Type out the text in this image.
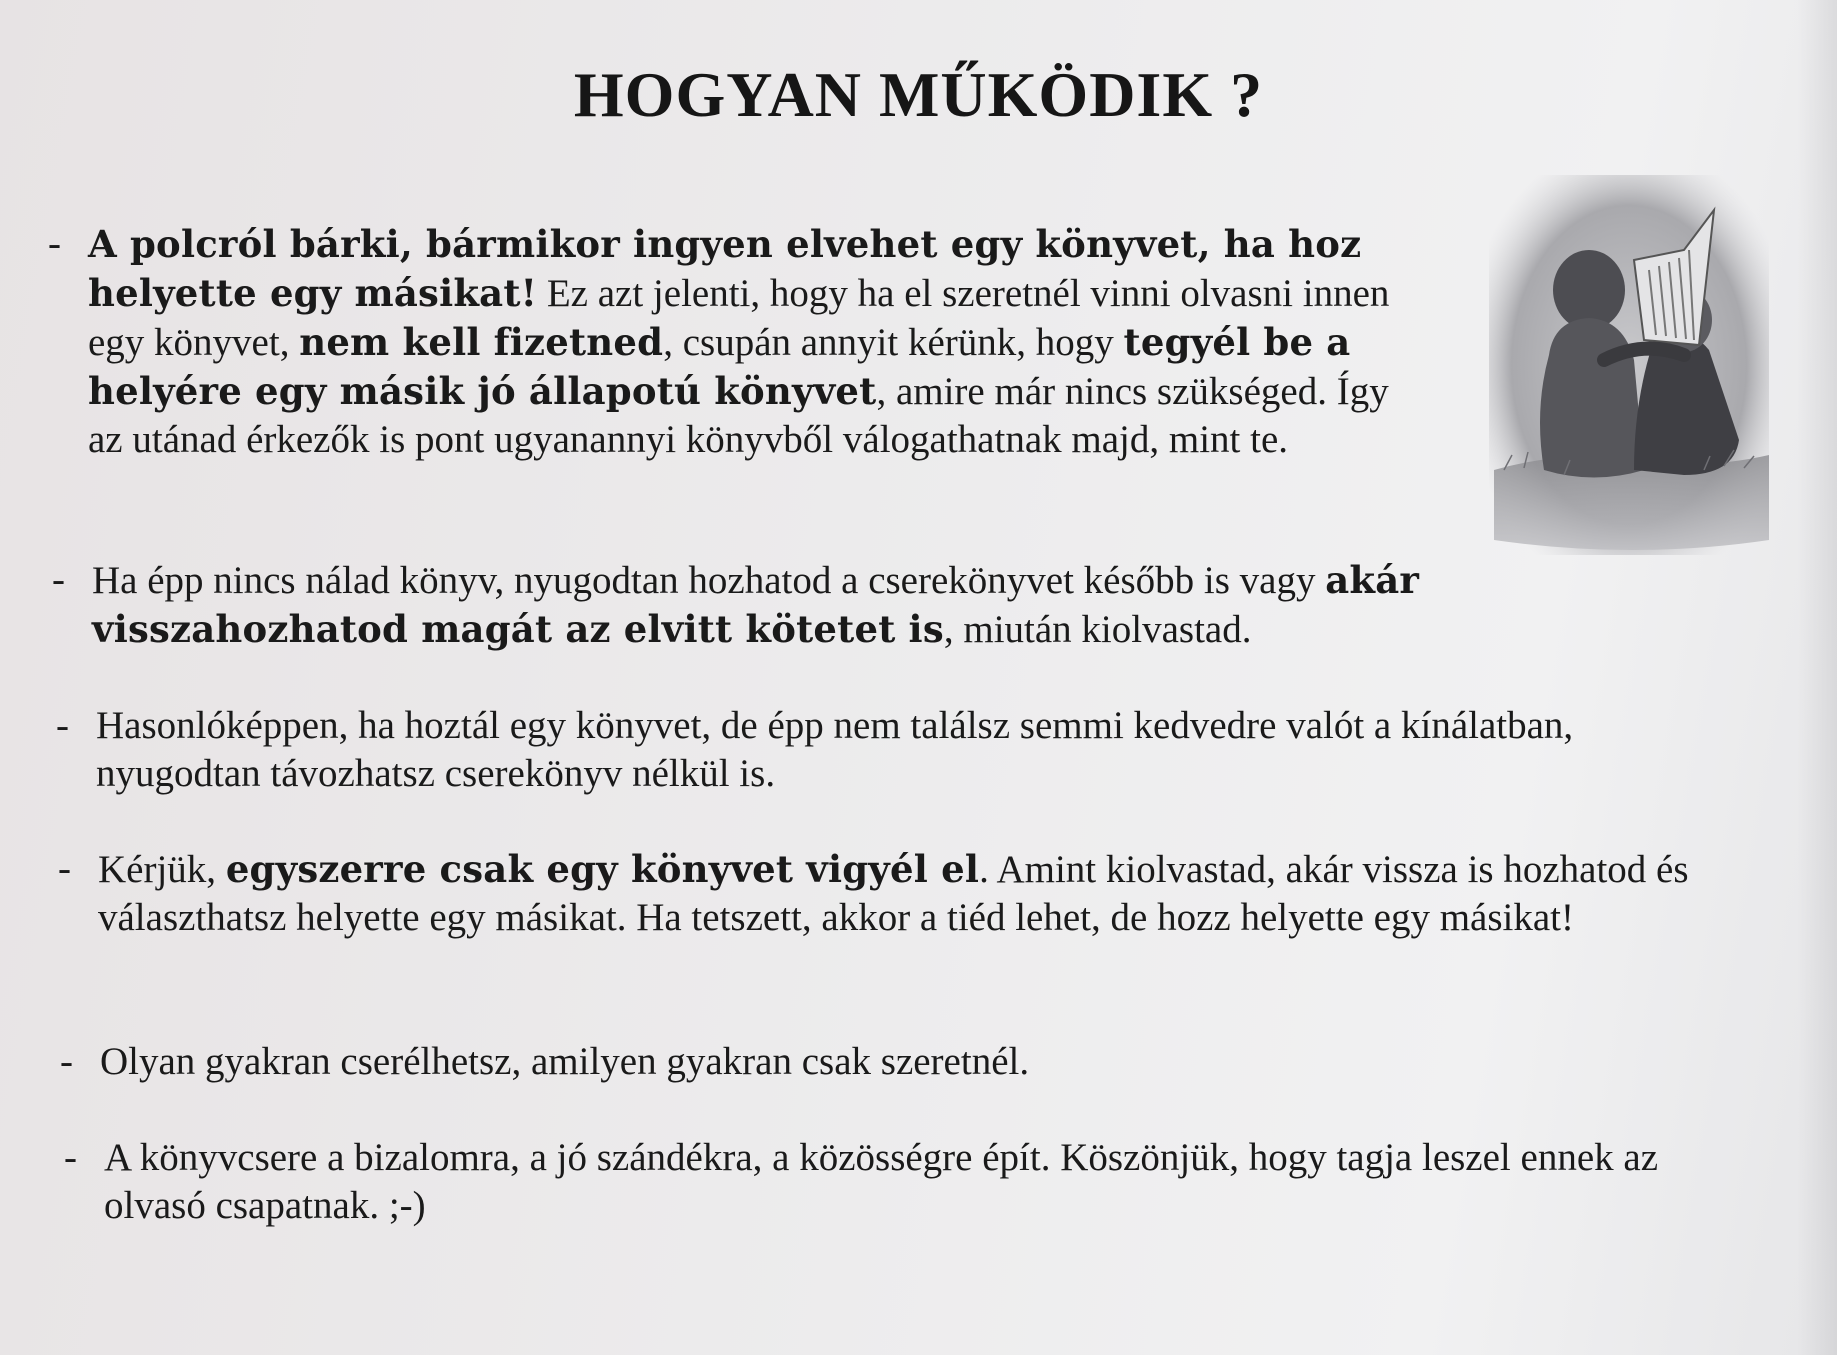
HOGYAN MŰKÖDIK ?
- A polcról bárki, bármikor ingyen elvehet egy könyvet, ha hoz helyette egy másikat! Ez azt jelenti, hogy ha el szeretnél vinni olvasni innen egy könyvet, nem kell fizetned, csupán annyit kérünk, hogy tegyél be a helyére egy másik jó állapotú könyvet, amire már nincs szükséged. Így az utánad érkezők is pont ugyanannyi könyvből válogathatnak majd, mint te.

- Ha épp nincs nálad könyv, nyugodtan hozhatod a cserekönyvet később is vagy akár visszahozhatod magát az elvitt kötetet is, miután kiolvastad.

- Hasonlóképpen, ha hoztál egy könyvet, de épp nem találsz semmi kedvedre valót a kínálatban, nyugodtan távozhatsz cserekönyv nélkül is.

- Kérjük, egyszerre csak egy könyvet vigyél el. Amint kiolvastad, akár vissza is hozhatod és választhatsz helyette egy másikat. Ha tetszett, akkor a tiéd lehet, de hozz helyette egy másikat!

- Olyan gyakran cserélhetsz, amilyen gyakran csak szeretnél.

- A könyvcsere a bizalomra, a jó szándékra, a közösségre épít. Köszönjük, hogy tagja leszel ennek az olvasó csapatnak. ;-)
